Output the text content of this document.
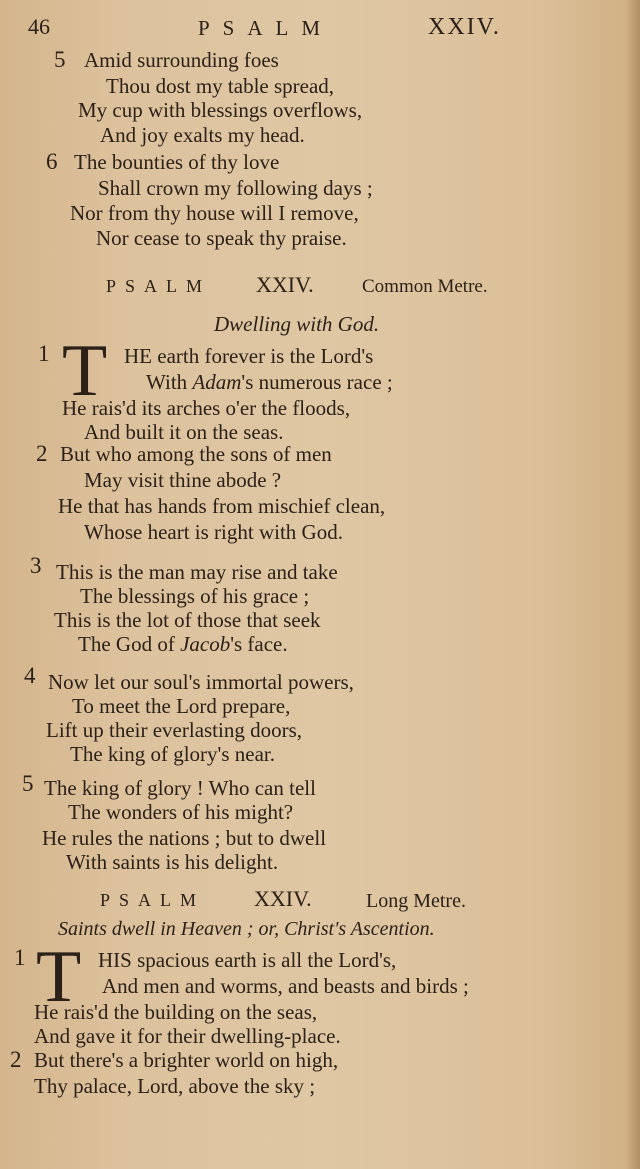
46	PSALM	XXIV.
5 Amid surrounding foes
Thou dost my table spread,
My cup with blessings overflows,
And joy exalts my head.
6 The bounties of thy love
Shall crown my following days ;
Nor from thy house will I remove,
Nor cease to speak thy praise.
PSALM XXIV.	Common Metre.
Dwelling with God.
1 T HE earth forever is the Lord's
With Adam's numerous race ;
He rais'd its arches o'er the floods,
And built it on the seas.
2 But who among the sons of men
May visit thine abode ?
He that has hands from mischief clean,
Whose heart is right with God.
3 This is the man may rise and take
The blessings of his grace ;
This is the lot of those that seek
The God of Jacob's face.
4 Now let our soul's immortal powers,
To meet the Lord prepare,
Lift up their everlasting doors,
The king of glory's near.
5 The king of glory ! Who can tell
The wonders of his might?
He rules the nations ; but to dwell
With saints is his delight.
PSALM XXIV.	Long Metre.
Saints dwell in Heaven ; or, Christ's Ascention.
1 T HIS spacious earth is all the Lord's,
And men and worms, and beasts and birds ;
He rais'd the building on the seas,
And gave it for their dwelling-place.
2 But there's a brighter world on high,
Thy palace, Lord, above the sky ;
